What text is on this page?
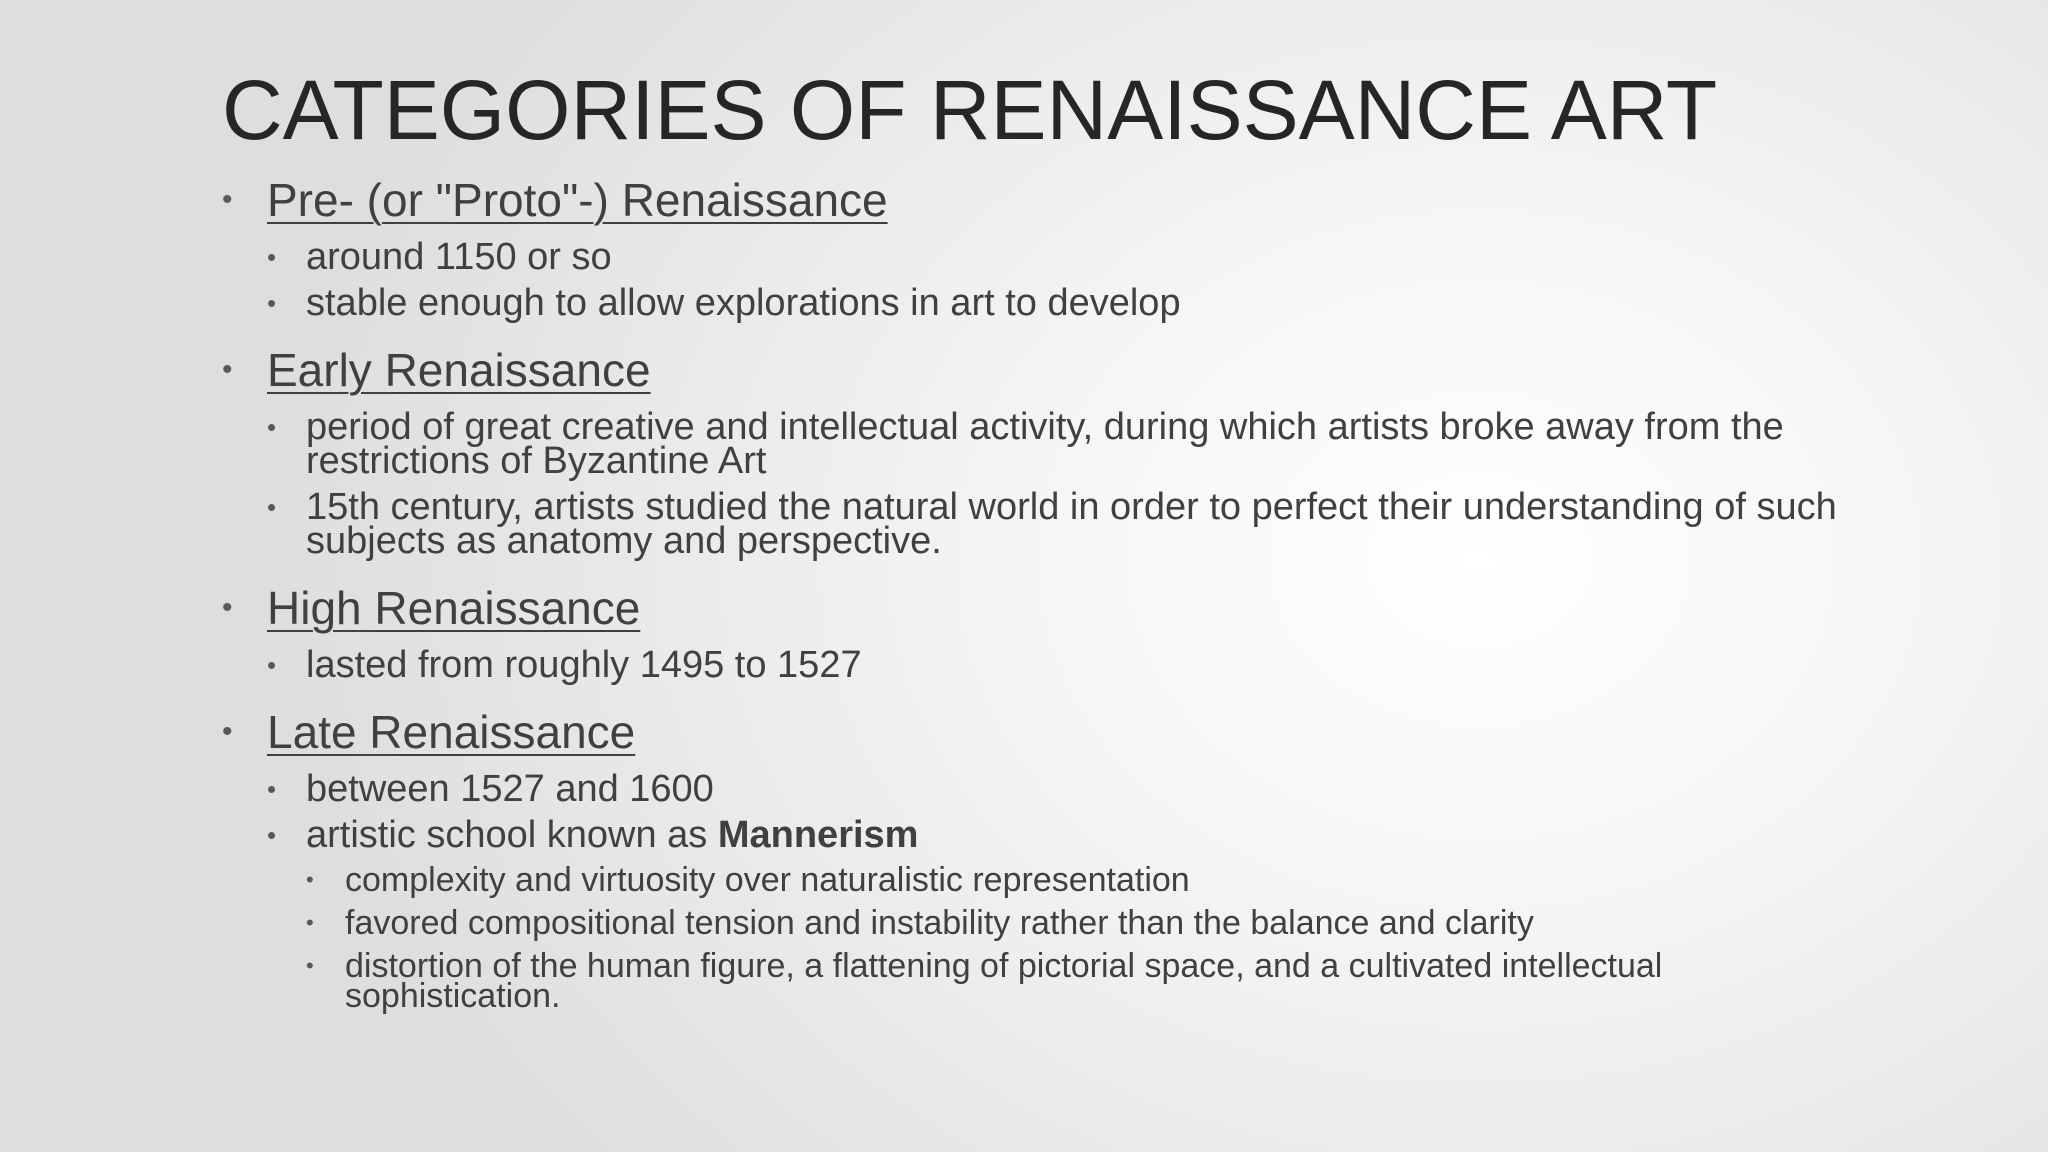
CATEGORIES OF RENAISSANCE ART
• Pre- (or "Proto"-) Renaissance
• around 1150 or so
• stable enough to allow explorations in art to develop
• Early Renaissance
• period of great creative and intellectual activity, during which artists broke away from the restrictions of Byzantine Art
• 15th century, artists studied the natural world in order to perfect their understanding of such subjects as anatomy and perspective.
• High Renaissance
• lasted from roughly 1495 to 1527
• Late Renaissance
• between 1527 and 1600
• artistic school known as Mannerism
• complexity and virtuosity over naturalistic representation
• favored compositional tension and instability rather than the balance and clarity
• distortion of the human figure, a flattening of pictorial space, and a cultivated intellectual sophistication.
